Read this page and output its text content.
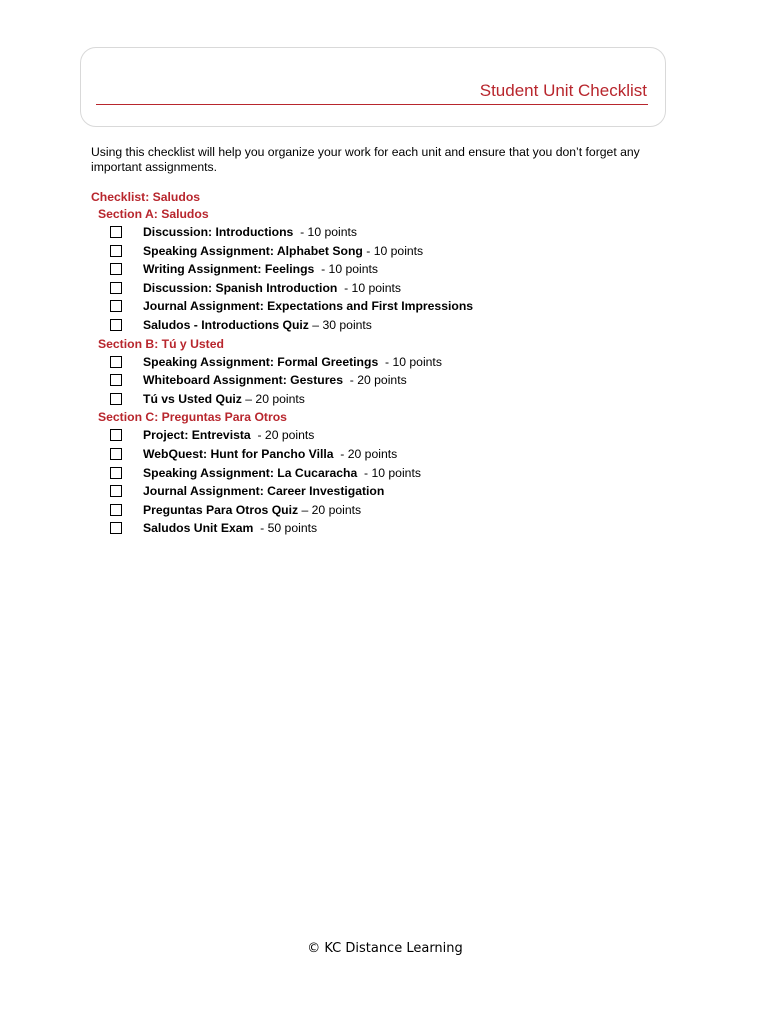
Student Unit Checklist
Using this checklist will help you organize your work for each unit and ensure that you don’t forget any important assignments.
Checklist: Saludos
Section A: Saludos
Discussion: Introductions  - 10 points
Speaking Assignment: Alphabet Song - 10 points
Writing Assignment: Feelings  - 10 points
Discussion: Spanish Introduction  - 10 points
Journal Assignment: Expectations and First Impressions
Saludos - Introductions Quiz – 30 points
Section B: Tú y Usted
Speaking Assignment: Formal Greetings  - 10 points
Whiteboard Assignment: Gestures  - 20 points
Tú vs Usted Quiz – 20 points
Section C: Preguntas Para Otros
Project: Entrevista  - 20 points
WebQuest: Hunt for Pancho Villa  - 20 points
Speaking Assignment: La Cucaracha  - 10 points
Journal Assignment: Career Investigation
Preguntas Para Otros Quiz – 20 points
Saludos Unit Exam  - 50 points
© KC Distance Learning
